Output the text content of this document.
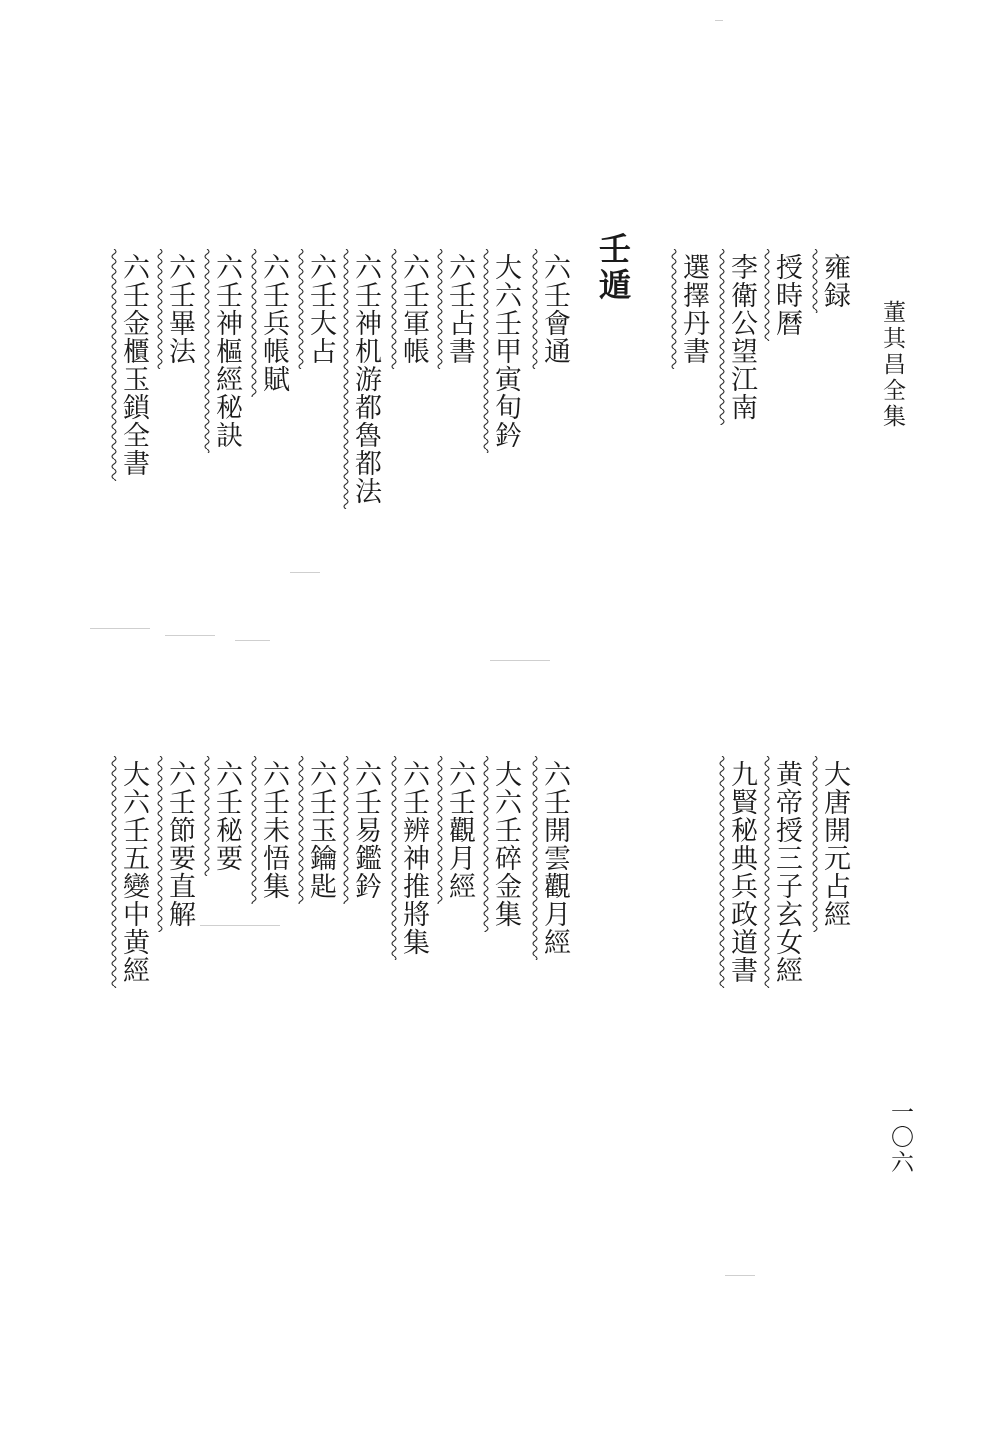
董其昌全集
壬遁	雍録
授時曆
李衛公望江南
選擇丹書
六壬會通
大六壬甲寅旬鈐
六壬占書
六壬軍帳
六壬神机游都魯都法
六壬大占
六壬兵帳賦
六壬神樞經秘訣
六壬畢法
六壬金櫃玉鎖全書
大唐開元占經
黄帝授三子玄女經
九賢秘典兵政道書
六壬開雲觀月經
大六壬碎金集
六壬觀月經
六壬辨神推將集
六壬易鑑鈐
六壬玉鑰匙
六壬未悟集
六壬秘要
六壬節要直解
大六壬五變中黄經
一〇六
